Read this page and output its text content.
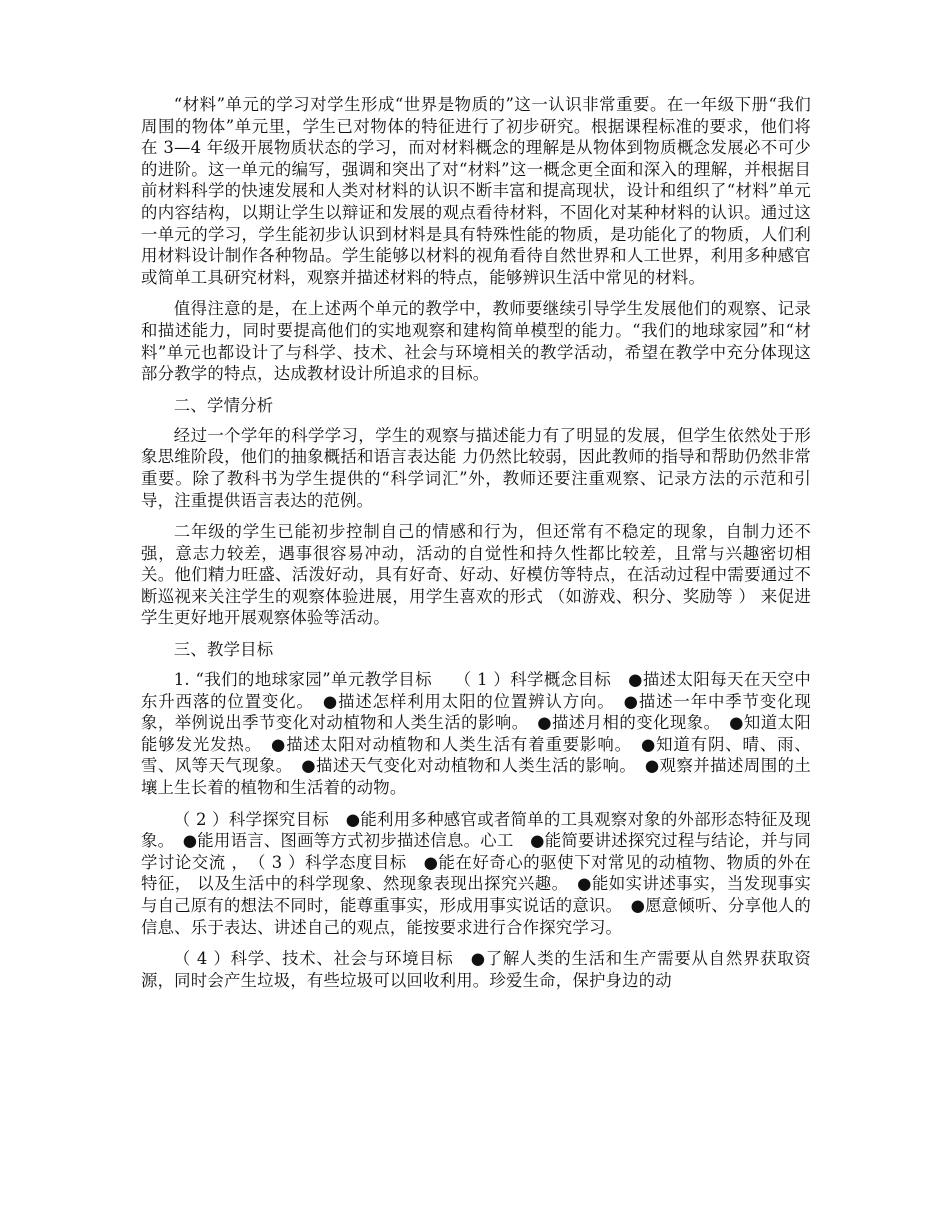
“材料”单元的学习对学生形成“世界是物质的”这一认识非常重要。在一年级下册“我们周围的物体”单元里，学生已对物体的特征进行了初步研究。根据课程标准的要求，他们将在 3—4 年级开展物质状态的学习，而对材料概念的理解是从物体到物质概念发展必不可少的进阶。这一单元的编写，强调和突出了对“材料”这一概念更全面和深入的理解，并根据目前材料科学的快速发展和人类对材料的认识不断丰富和提高现状，设计和组织了“材料”单元的内容结构，以期让学生以辩证和发展的观点看待材料，不固化对某种材料的认识。通过这一单元的学习，学生能初步认识到材料是具有特殊性能的物质，是功能化了的物质，人们利用材料设计制作各种物品。学生能够以材料的视角看待自然世界和人工世界，利用多种感官或简单工具研究材料，观察并描述材料的特点，能够辨识生活中常见的材料。

值得注意的是，在上述两个单元的教学中，教师要继续引导学生发展他们的观察、记录和描述能力，同时要提高他们的实地观察和建构简单模型的能力。“我们的地球家园”和“材料”单元也都设计了与科学、技术、社会与环境相关的教学活动，希望在教学中充分体现这部分教学的特点，达成教材设计所追求的目标。

二、学情分析

经过一个学年的科学学习，学生的观察与描述能力有了明显的发展，但学生依然处于形象思维阶段，他们的抽象概括和语言表达能 力仍然比较弱，因此教师的指导和帮助仍然非常重要。除了教科书为学生提供的“科学词汇”外，教师还要注重观察、记录方法的示范和引导，注重提供语言表达的范例。

二年级的学生已能初步控制自己的情感和行为，但还常有不稳定的现象，自制力还不强，意志力较差，遇事很容易冲动，活动的自觉性和持久性都比较差，且常与兴趣密切相关。他们精力旺盛、活泼好动，具有好奇、好动、好模仿等特点，在活动过程中需要通过不断巡视来关注学生的观察体验进展，用学生喜欢的形式 （如游戏、积分、奖励等 ） 来促进学生更好地开展观察体验等活动。

三、教学目标

1. “我们的地球家园”单元教学目标　 （ 1 ）科学概念目标　●描述太阳每天在天空中东升西落的位置变化。　●描述怎样利用太阳的位置辨认方向。　●描述一年中季节变化现象，举例说出季节变化对动植物和人类生活的影响。　●描述月相的变化现象。　●知道太阳能够发光发热。　●描述太阳对动植物和人类生活有着重要影响。　●知道有阴、晴、雨、雪、风等天气现象。　●描述天气变化对动植物和人类生活的影响。　●观察并描述周围的土壤上生长着的植物和生活着的动物。

（ 2 ）科学探究目标　●能利用多种感官或者简单的工具观察对象的外部形态特征及现象。　●能用语言、图画等方式初步描述信息。心工　●能简要讲述探究过程与结论，并与同学讨论交流 ，　（ 3 ）科学态度目标　●能在好奇心的驱使下对常见的动植物、物质的外在特征， 以及生活中的科学现象、然现象表现出探究兴趣。　●能如实讲述事实，当发现事实与自己原有的想法不同时，能尊重事实，形成用事实说话的意识。　●愿意倾听、分享他人的信息、乐于表达、讲述自己的观点，能按要求进行合作探究学习。

（ 4 ）科学、技术、社会与环境目标　●了解人类的生活和生产需要从自然界获取资源，同时会产生垃圾，有些垃圾可以回收利用。珍爱生命，保护身边的动
